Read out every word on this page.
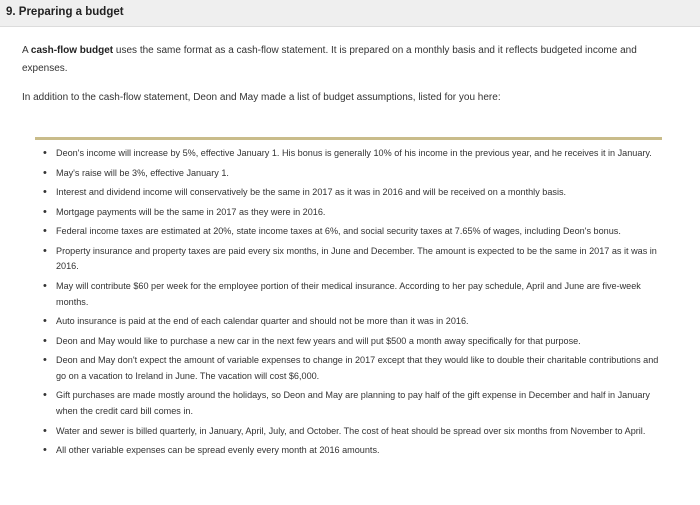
9. Preparing a budget
A cash-flow budget uses the same format as a cash-flow statement. It is prepared on a monthly basis and it reflects budgeted income and expenses.
In addition to the cash-flow statement, Deon and May made a list of budget assumptions, listed for you here:
• Deon's income will increase by 5%, effective January 1. His bonus is generally 10% of his income in the previous year, and he receives it in January.
• May's raise will be 3%, effective January 1.
• Interest and dividend income will conservatively be the same in 2017 as it was in 2016 and will be received on a monthly basis.
• Mortgage payments will be the same in 2017 as they were in 2016.
• Federal income taxes are estimated at 20%, state income taxes at 6%, and social security taxes at 7.65% of wages, including Deon's bonus.
• Property insurance and property taxes are paid every six months, in June and December. The amount is expected to be the same in 2017 as it was in 2016.
• May will contribute $60 per week for the employee portion of their medical insurance. According to her pay schedule, April and June are five-week months.
• Auto insurance is paid at the end of each calendar quarter and should not be more than it was in 2016.
• Deon and May would like to purchase a new car in the next few years and will put $500 a month away specifically for that purpose.
• Deon and May don't expect the amount of variable expenses to change in 2017 except that they would like to double their charitable contributions and go on a vacation to Ireland in June. The vacation will cost $6,000.
• Gift purchases are made mostly around the holidays, so Deon and May are planning to pay half of the gift expense in December and half in January when the credit card bill comes in.
• Water and sewer is billed quarterly, in January, April, July, and October. The cost of heat should be spread over six months from November to April.
• All other variable expenses can be spread evenly every month at 2016 amounts.
